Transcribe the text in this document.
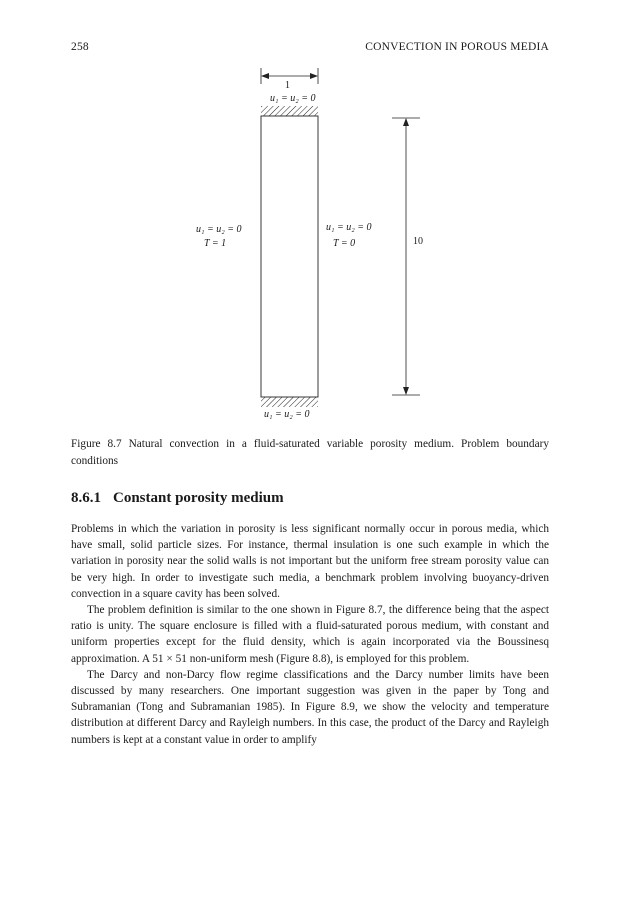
258	CONVECTION IN POROUS MEDIA
1
u₁ = u₂ = 0
u₁ = u₂ = 0
T = 1
u₁ = u₂ = 0
T = 0	10
u₁ = u₂ = 0
Figure 8.7 Natural convection in a fluid-saturated variable porosity medium. Problem boundary conditions
8.6.1 Constant porosity medium

Problems in which the variation in porosity is less significant normally occur in porous media, which have small, solid particle sizes. For instance, thermal insulation is one such example in which the variation in porosity near the solid walls is not important but the uniform free stream porosity value can be very high. In order to investigate such media, a benchmark problem involving buoyancy-driven convection in a square cavity has been solved.

The problem definition is similar to the one shown in Figure 8.7, the difference being that the aspect ratio is unity. The square enclosure is filled with a fluid-saturated porous medium, with constant and uniform properties except for the fluid density, which is again incorporated via the Boussinesq approximation. A 51 × 51 non-uniform mesh (Figure 8.8), is employed for this problem.

The Darcy and non-Darcy flow regime classifications and the Darcy number limits have been discussed by many researchers. One important suggestion was given in the paper by Tong and Subramanian (Tong and Subramanian 1985). In Figure 8.9, we show the velocity and temperature distribution at different Darcy and Rayleigh numbers. In this case, the product of the Darcy and Rayleigh numbers is kept at a constant value in order to amplify
